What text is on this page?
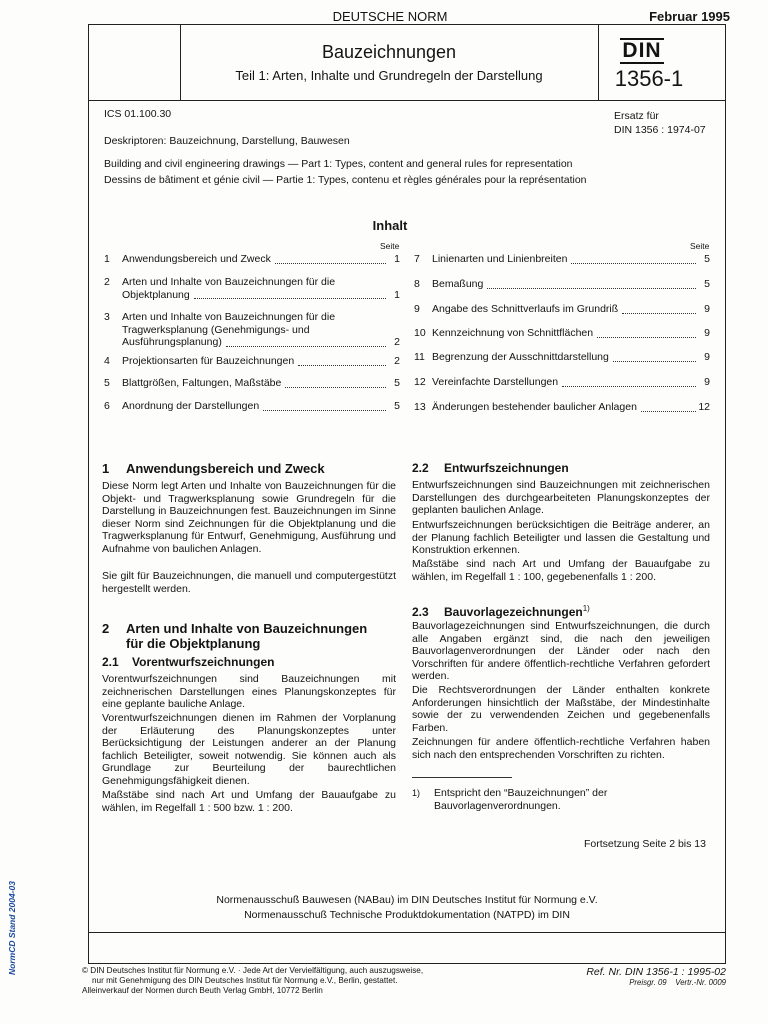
DEUTSCHE NORM	Februar 1995
Bauzeichnungen
Teil 1: Arten, Inhalte und Grundregeln der Darstellung
DIN
1356-1
ICS 01.100.30
Deskriptoren: Bauzeichnung, Darstellung, Bauwesen
Ersatz für
DIN 1356 : 1974-07
Building and civil engineering drawings — Part 1: Types, content and general rules for representation
Dessins de bâtiment et génie civil — Partie 1: Types, contenu et règles générales pour la représentation
Inhalt
Seite	Seite
1 Anwendungsbereich und Zweck	1
2 Arten und Inhalte von Bauzeichnungen für die
Objektplanung	1
3 Arten und Inhalte von Bauzeichnungen für die
Tragwerksplanung (Genehmigungs- und
Ausführungsplanung)	2
4 Projektionsarten für Bauzeichnungen	2
5 Blattgrößen, Faltungen, Maßstäbe	5
6 Anordnung der Darstellungen	5
7 Linienarten und Linienbreiten	5
8 Bemaßung	5
9 Angabe des Schnittverlaufs im Grundriß	9
10 Kennzeichnung von Schnittflächen	9
11 Begrenzung der Ausschnittdarstellung	9
12 Vereinfachte Darstellungen	9
13 Änderungen bestehender baulicher Anlagen	12
1 Anwendungsbereich und Zweck
Diese Norm legt Arten und Inhalte von Bauzeichnungen für die Objekt- und Tragwerksplanung sowie Grundregeln für die Darstellung in Bauzeichnungen fest. Bauzeichnungen im Sinne dieser Norm sind Zeichnungen für die Objektplanung und die Tragwerksplanung für Entwurf, Genehmigung, Ausführung und Aufnahme von baulichen Anlagen.
Sie gilt für Bauzeichnungen, die manuell und computergestützt hergestellt werden.
2 Arten und Inhalte von Bauzeichnungen
für die Objektplanung
2.1 Vorentwurfszeichnungen
Vorentwurfszeichnungen sind Bauzeichnungen mit zeichnerischen Darstellungen eines Planungskonzeptes für eine geplante bauliche Anlage.
Vorentwurfszeichnungen dienen im Rahmen der Vorplanung der Erläuterung des Planungskonzeptes unter Berücksichtigung der Leistungen anderer an der Planung fachlich Beteiligter, soweit notwendig. Sie können auch als Grundlage zur Beurteilung der baurechtlichen Genehmigungsfähigkeit dienen.
Maßstäbe sind nach Art und Umfang der Bauaufgabe zu wählen, im Regelfall 1 : 500 bzw. 1 : 200.
2.2 Entwurfszeichnungen
Entwurfszeichnungen sind Bauzeichnungen mit zeichnerischen Darstellungen des durchgearbeiteten Planungskonzeptes der geplanten baulichen Anlage.
Entwurfszeichnungen berücksichtigen die Beiträge anderer, an der Planung fachlich Beteiligter und lassen die Gestaltung und Konstruktion erkennen.
Maßstäbe sind nach Art und Umfang der Bauaufgabe zu wählen, im Regelfall 1 : 100, gegebenenfalls 1 : 200.
2.3 Bauvorlagezeichnungen$^{1)}$
Bauvorlagezeichnungen sind Entwurfszeichnungen, die durch alle Angaben ergänzt sind, die nach den jeweiligen Bauvorlagenverordnungen der Länder oder nach den Vorschriften für andere öffentlich-rechtliche Verfahren gefordert werden.
Die Rechtsverordnungen der Länder enthalten konkrete Anforderungen hinsichtlich der Maßstäbe, der Mindestinhalte sowie der zu verwendenden Zeichen und gegebenenfalls Farben.
Zeichnungen für andere öffentlich-rechtliche Verfahren haben sich nach den entsprechenden Vorschriften zu richten.
1) Entspricht den “Bauzeichnungen” der Bauvorlagenverordnungen.
Fortsetzung Seite 2 bis 13
Normenausschuß Bauwesen (NABau) im DIN Deutsches Institut für Normung e.V.
Normenausschuß Technische Produktdokumentation (NATPD) im DIN
NormCD Stand 2004-03	© DIN Deutsches Institut für Normung e.V. · Jede Art der Vervielfältigung, auch auszugsweise,
nur mit Genehmigung des DIN Deutsches Institut für Normung e.V., Berlin, gestattet.
Alleinverkauf der Normen durch Beuth Verlag GmbH, 10772 Berlin
Ref. Nr. DIN 1356-1 : 1995-02
Preisgr. 09 Vertr.-Nr. 0009
